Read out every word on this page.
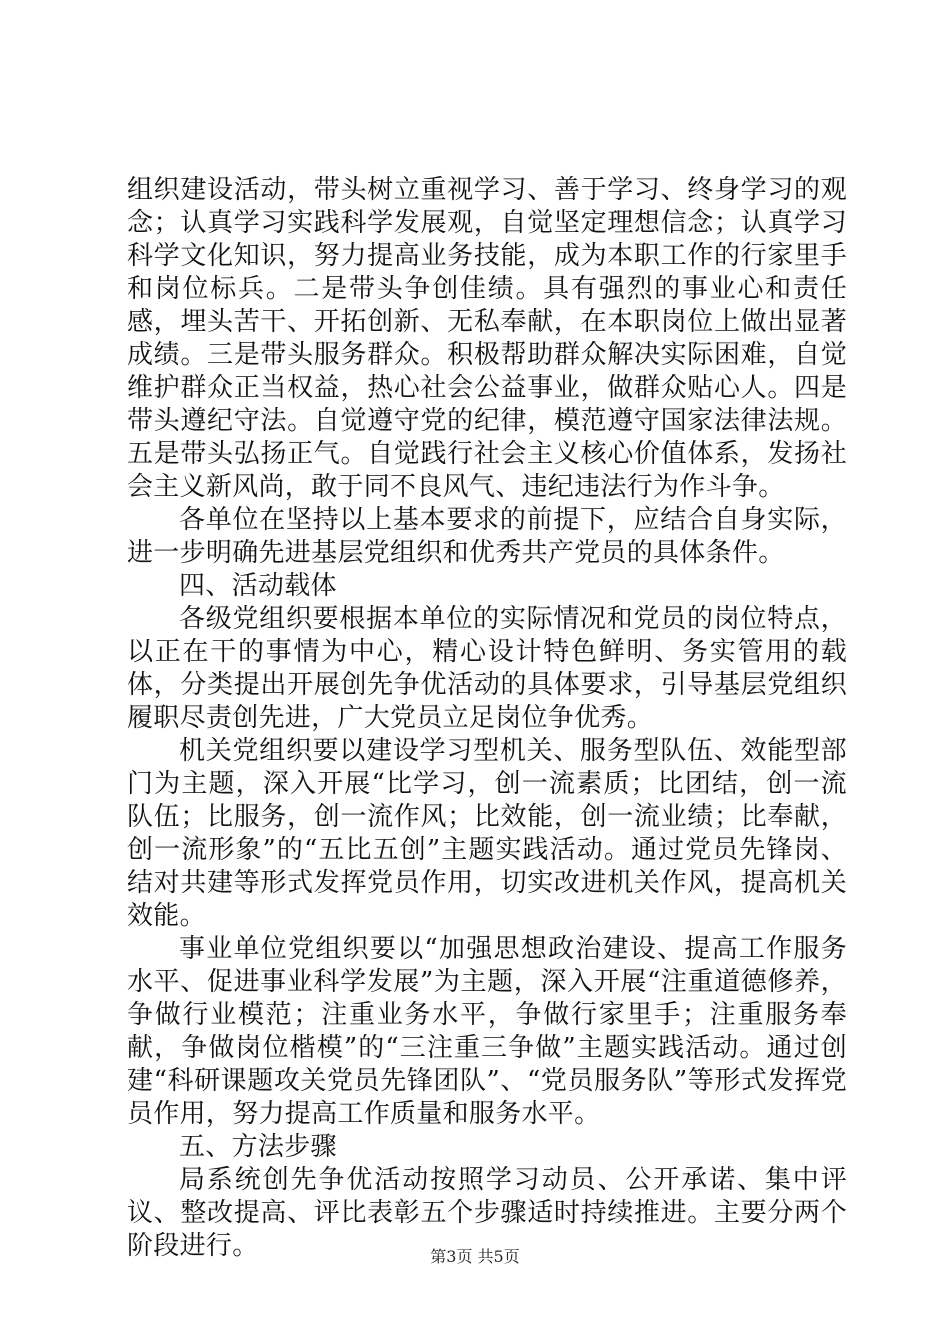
组织建设活动，带头树立重视学习、善于学习、终身学习的观念；认真学习实践科学发展观，自觉坚定理想信念；认真学习科学文化知识，努力提高业务技能，成为本职工作的行家里手和岗位标兵。二是带头争创佳绩。具有强烈的事业心和责任感，埋头苦干、开拓创新、无私奉献，在本职岗位上做出显著成绩。三是带头服务群众。积极帮助群众解决实际困难，自觉维护群众正当权益，热心社会公益事业，做群众贴心人。四是带头遵纪守法。自觉遵守党的纪律，模范遵守国家法律法规。五是带头弘扬正气。自觉践行社会主义核心价值体系，发扬社会主义新风尚，敢于同不良风气、违纪违法行为作斗争。

各单位在坚持以上基本要求的前提下，应结合自身实际，进一步明确先进基层党组织和优秀共产党员的具体条件。

四、活动载体

各级党组织要根据本单位的实际情况和党员的岗位特点，以正在干的事情为中心，精心设计特色鲜明、务实管用的载体，分类提出开展创先争优活动的具体要求，引导基层党组织履职尽责创先进，广大党员立足岗位争优秀。

机关党组织要以建设学习型机关、服务型队伍、效能型部门为主题，深入开展“比学习，创一流素质；比团结，创一流队伍；比服务，创一流作风；比效能，创一流业绩；比奉献，创一流形象”的“五比五创”主题实践活动。通过党员先锋岗、结对共建等形式发挥党员作用，切实改进机关作风，提高机关效能。

事业单位党组织要以“加强思想政治建设、提高工作服务水平、促进事业科学发展”为主题，深入开展“注重道德修养，争做行业模范；注重业务水平，争做行家里手；注重服务奉献，争做岗位楷模”的“三注重三争做”主题实践活动。通过创建“科研课题攻关党员先锋团队”、“党员服务队”等形式发挥党员作用，努力提高工作质量和服务水平。

五、方法步骤

局系统创先争优活动按照学习动员、公开承诺、集中评议、整改提高、评比表彰五个步骤适时持续推进。主要分两个阶段进行。	第3页 共5页
